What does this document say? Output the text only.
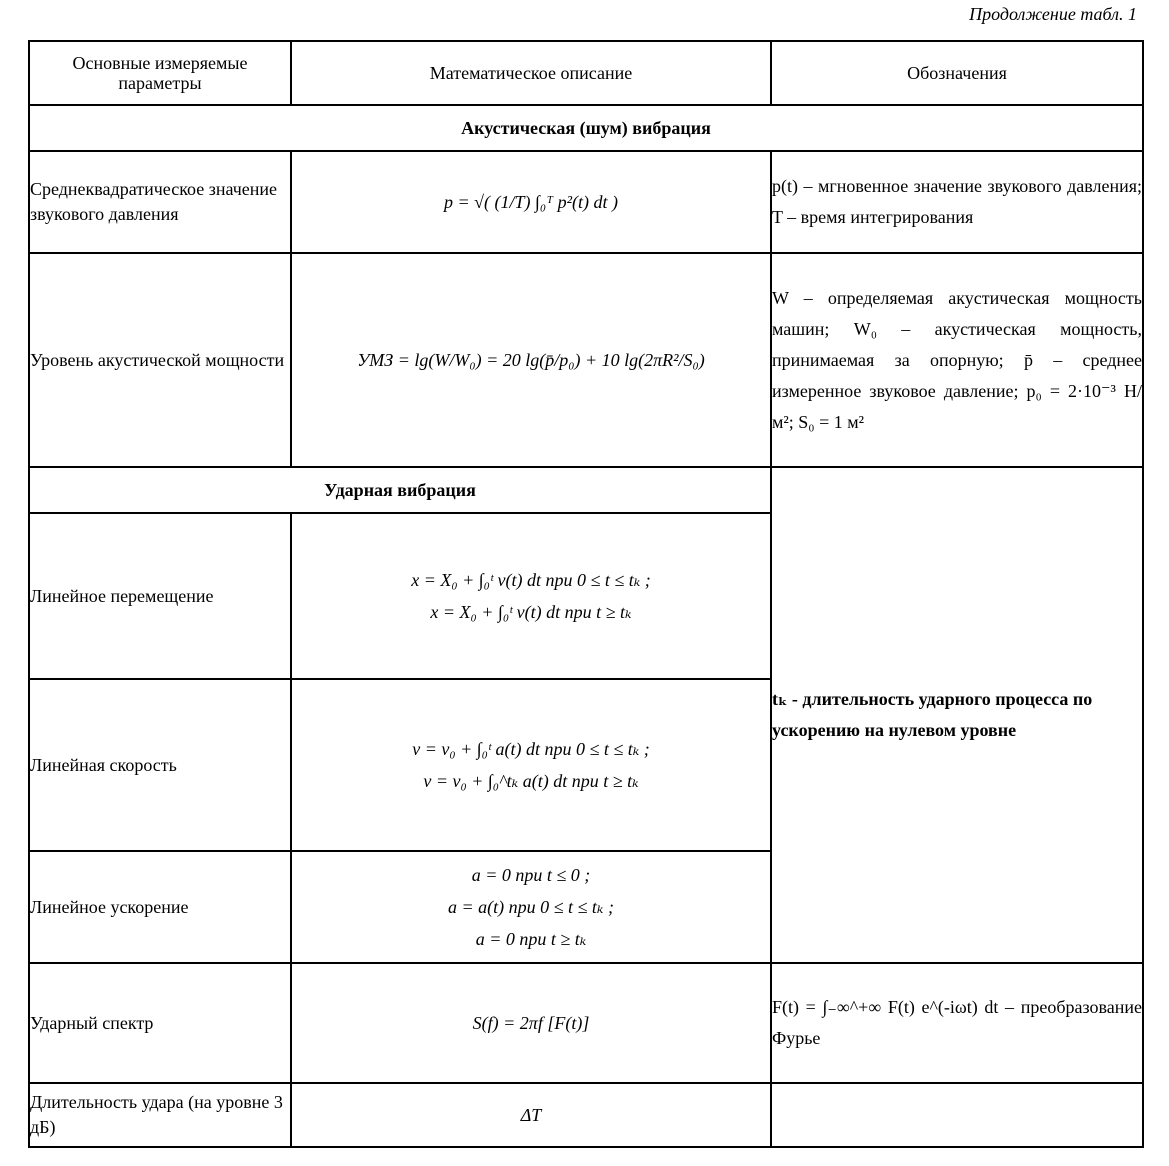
Продолжение табл. 1
Основные измеряемые параметры	Математическое описание	Обозначения
Акустическая (шум) вибрация		
Среднеквадратическое значение звукового давления	p = √( (1/T) ∫₀ᵀ p²(t) dt )	p(t) – мгновенное значение звукового давления; T – время интегрирования
Уровень акустической мощности	УМЗ = lg(W/W₀) = 20 lg(p̄/p₀) + 10 lg(2πR²/S₀)	W – определяемая акустическая мощность машин; W₀ – акустическая мощность, принимаемая за опорную; p̄ – среднее измеренное звуковое давление; p₀ = 2·10⁻³ Н/м²; S₀ = 1 м²
Ударная вибрация		tₖ - длительность ударного процесса по ускорению на нулевом уровне
Линейное перемещение	x = X₀ + ∫₀ᵗ v(t) dt при 0 ≤ t ≤ tₖ ;
x = X₀ + ∫₀ᵗ v(t) dt при t ≥ tₖ	

Линейная скорость	v = v₀ + ∫₀ᵗ a(t) dt при 0 ≤ t ≤ tₖ ;
v = v₀ + ∫₀^tₖ a(t) dt при t ≥ tₖ	

Линейное ускорение	a = 0 при t ≤ 0 ;
a = a(t) при 0 ≤ t ≤ tₖ ;
a = 0 при t ≥ tₖ	

Ударный спектр	S(f) = 2πf [F(t)]	F(t) = ∫₋∞^+∞ F(t) e^(-iωt) dt – преобразование Фурье
Длительность удара (на уровне 3 дБ)	ΔT	
